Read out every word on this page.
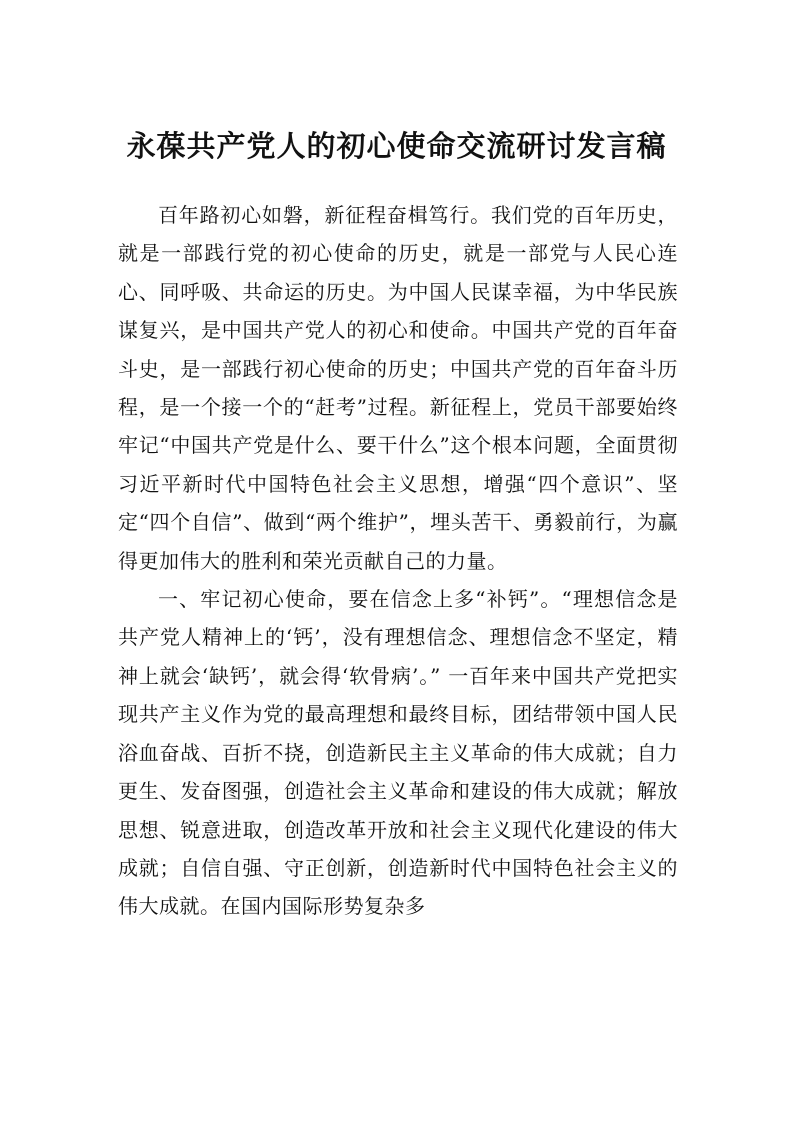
永葆共产党人的初心使命交流研讨发言稿

百年路初心如磐，新征程奋楫笃行。我们党的百年历史，就是一部践行党的初心使命的历史，就是一部党与人民心连心、同呼吸、共命运的历史。为中国人民谋幸福，为中华民族谋复兴，是中国共产党人的初心和使命。中国共产党的百年奋斗史，是一部践行初心使命的历史；中国共产党的百年奋斗历程，是一个接一个的“赶考”过程。新征程上，党员干部要始终牢记“中国共产党是什么、要干什么”这个根本问题，全面贯彻习近平新时代中国特色社会主义思想，增强“四个意识”、坚定“四个自信”、做到“两个维护”，埋头苦干、勇毅前行，为赢得更加伟大的胜利和荣光贡献自己的力量。

一、牢记初心使命，要在信念上多“补钙”。“理想信念是共产党人精神上的‘钙’，没有理想信念、理想信念不坚定，精神上就会‘缺钙’，就会得‘软骨病’。” 一百年来中国共产党把实现共产主义作为党的最高理想和最终目标，团结带领中国人民浴血奋战、百折不挠，创造新民主主义革命的伟大成就；自力更生、发奋图强，创造社会主义革命和建设的伟大成就；解放思想、锐意进取，创造改革开放和社会主义现代化建设的伟大成就；自信自强、守正创新，创造新时代中国特色社会主义的伟大成就。在国内国际形势复杂多
